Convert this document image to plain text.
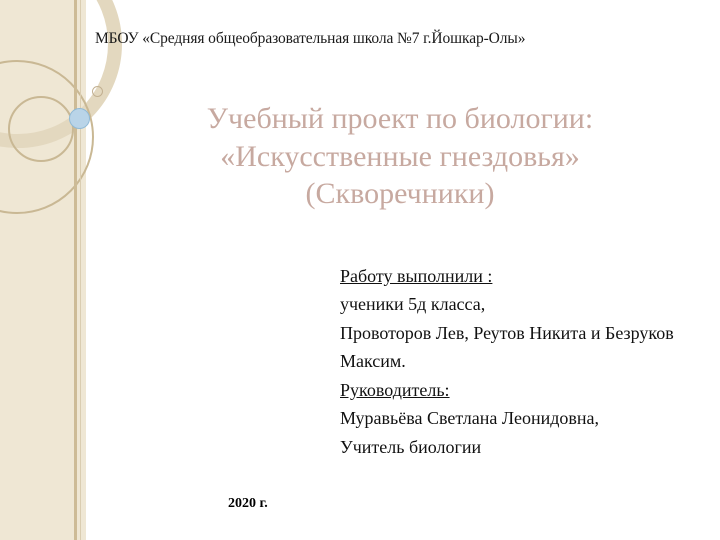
МБОУ «Средняя общеобразовательная школа №7 г.Йошкар-Олы»
Учебный проект по биологии:
«Искусственные гнездовья»
(Скворечники)
Работу выполнили :
ученики 5д класса,
Провоторов Лев, Реутов Никита и Безруков Максим.
Руководитель:
Муравьёва Светлана Леонидовна,
Учитель биологии
2020 г.
